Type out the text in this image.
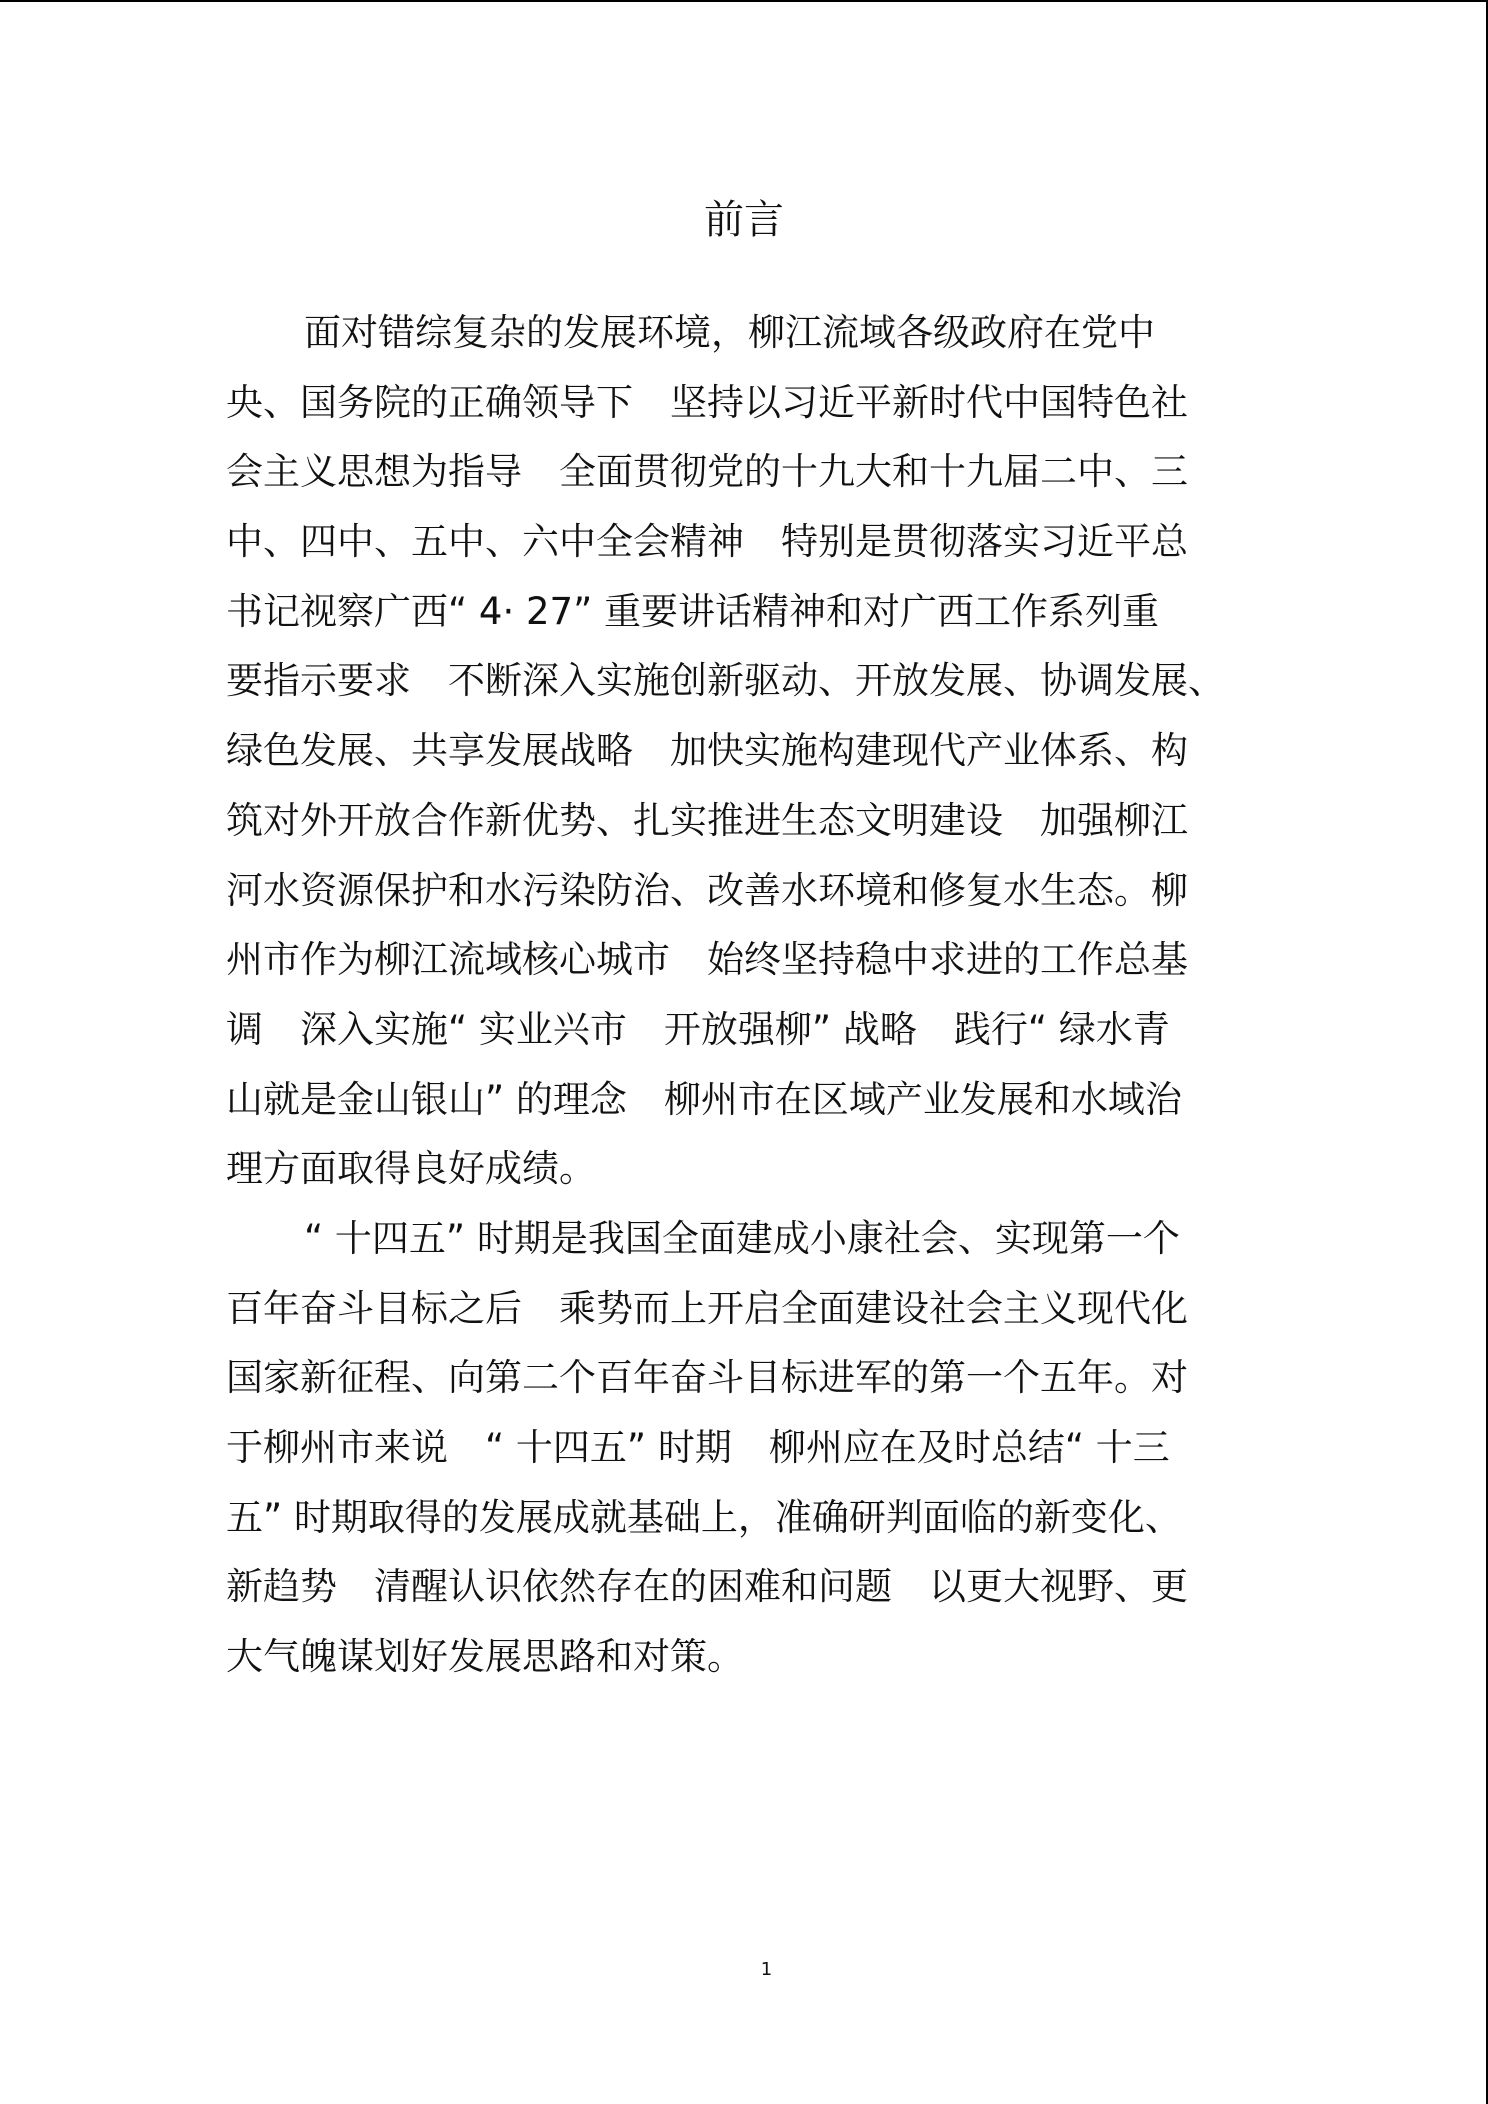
前言

面对错综复杂的发展环境，柳江流域各级政府在党中
央、国务院的正确领导下　坚持以习近平新时代中国特色社
会主义思想为指导　全面贯彻党的十九大和十九届二中、三
中、四中、五中、六中全会精神　特别是贯彻落实习近平总
书记视察广西“ 4· 27” 重要讲话精神和对广西工作系列重
要指示要求　不断深入实施创新驱动、开放发展、协调发展、
绿色发展、共享发展战略　加快实施构建现代产业体系、构
筑对外开放合作新优势、扎实推进生态文明建设　加强柳江
河水资源保护和水污染防治、改善水环境和修复水生态。柳
州市作为柳江流域核心城市　始终坚持稳中求进的工作总基
调　深入实施“ 实业兴市　开放强柳” 战略　践行“ 绿水青
山就是金山银山” 的理念　柳州市在区域产业发展和水域治
理方面取得良好成绩。

“ 十四五” 时期是我国全面建成小康社会、实现第一个
百年奋斗目标之后　乘势而上开启全面建设社会主义现代化
国家新征程、向第二个百年奋斗目标进军的第一个五年。对
于柳州市来说　“ 十四五” 时期　柳州应在及时总结“ 十三
五” 时期取得的发展成就基础上，准确研判面临的新变化、
新趋势　清醒认识依然存在的困难和问题　以更大视野、更
大气魄谋划好发展思路和对策。

1
